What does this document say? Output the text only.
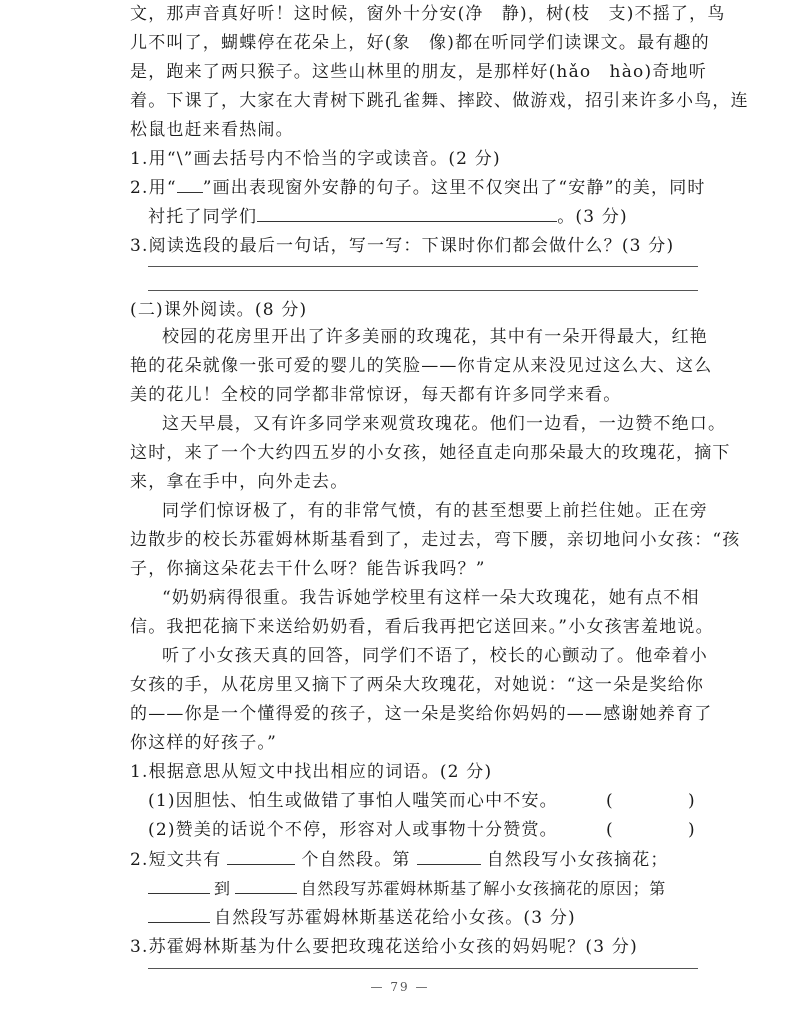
文，那声音真好听！这时候，窗外十分安(净　静)，树(枝　支)不摇了，鸟
儿不叫了，蝴蝶停在花朵上，好(象　像)都在听同学们读课文。最有趣的
是，跑来了两只猴子。这些山林里的朋友，是那样好(hǎo　hào)奇地听
着。下课了，大家在大青树下跳孔雀舞、摔跤、做游戏，招引来许多小鸟，连
松鼠也赶来看热闹。
1.用“\”画去括号内不恰当的字或读音。(2 分)
2.用“ ”画出表现窗外安静的句子。这里不仅突出了“安静”的美，同时
衬托了同学们	。(3 分)
3.阅读选段的最后一句话，写一写：下课时你们都会做什么？(3 分)
(二)课外阅读。(8 分)
校园的花房里开出了许多美丽的玫瑰花，其中有一朵开得最大，红艳
艳的花朵就像一张可爱的婴儿的笑脸——你肯定从来没见过这么大、这么
美的花儿！全校的同学都非常惊讶，每天都有许多同学来看。
这天早晨，又有许多同学来观赏玫瑰花。他们一边看，一边赞不绝口。
这时，来了一个大约四五岁的小女孩，她径直走向那朵最大的玫瑰花，摘下
来，拿在手中，向外走去。
同学们惊讶极了，有的非常气愤，有的甚至想要上前拦住她。正在旁
边散步的校长苏霍姆林斯基看到了，走过去，弯下腰，亲切地问小女孩：“孩
子，你摘这朵花去干什么呀？能告诉我吗？”
“奶奶病得很重。我告诉她学校里有这样一朵大玫瑰花，她有点不相
信。我把花摘下来送给奶奶看，看后我再把它送回来。”小女孩害羞地说。
听了小女孩天真的回答，同学们不语了，校长的心颤动了。他牵着小
女孩的手，从花房里又摘下了两朵大玫瑰花，对她说：“这一朵是奖给你
的——你是一个懂得爱的孩子，这一朵是奖给你妈妈的——感谢她养育了
你这样的好孩子。”
1.根据意思从短文中找出相应的词语。(2 分)
(1)因胆怯、怕生或做错了事怕人嗤笑而心中不安。	(	)
(2)赞美的话说个不停，形容对人或事物十分赞赏。	(	)
2.短文共有	个自然段。第	自然段写小女孩摘花；
到	自然段写苏霍姆林斯基了解小女孩摘花的原因；第
— 79 —
自然段写苏霍姆林斯基送花给小女孩。(3 分)
3.苏霍姆林斯基为什么要把玫瑰花送给小女孩的妈妈呢？(3 分)
